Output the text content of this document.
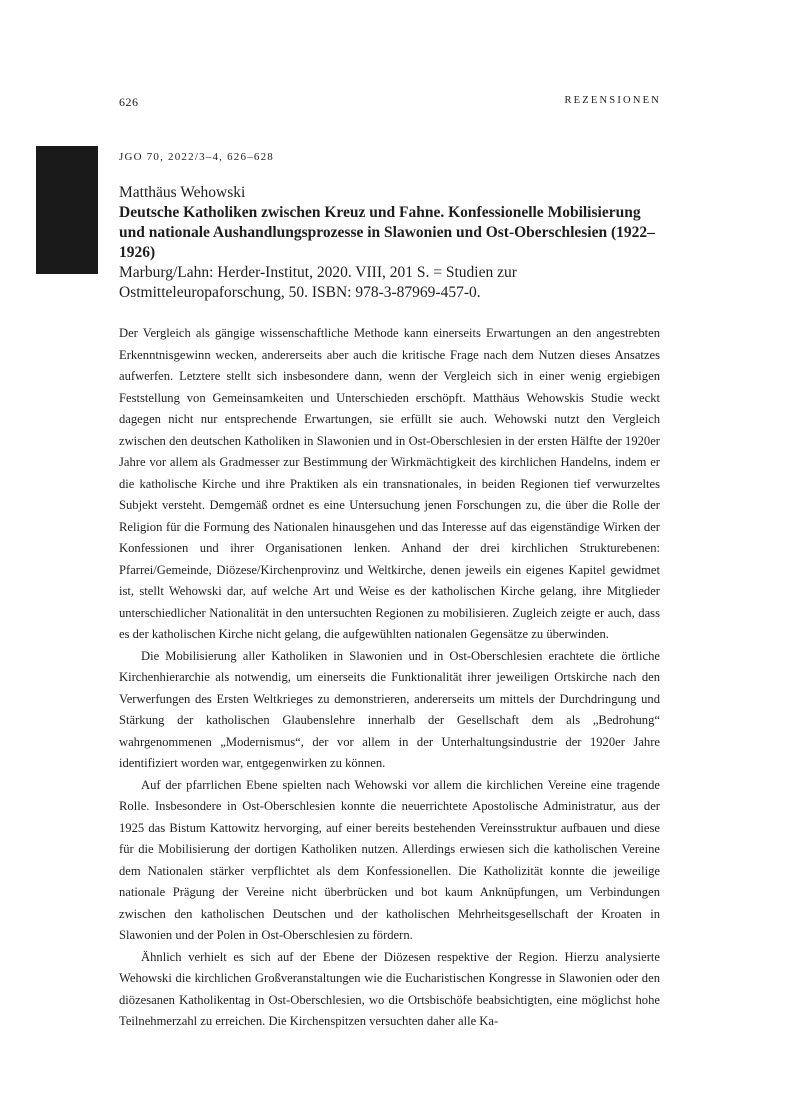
626	REZENSIONEN
JGO 70, 2022/3–4, 626–628
Matthäus Wehowski
Deutsche Katholiken zwischen Kreuz und Fahne. Konfessionelle Mobilisierung und nationale Aushandlungsprozesse in Slawonien und Ost-Oberschlesien (1922–1926)
Marburg/Lahn: Herder-Institut, 2020. VIII, 201 S. = Studien zur Ostmitteleuropaforschung, 50. ISBN: 978-3-87969-457-0.

Der Vergleich als gängige wissenschaftliche Methode kann einerseits Erwartungen an den angestrebten Erkenntnisgewinn wecken, andererseits aber auch die kritische Frage nach dem Nutzen dieses Ansatzes aufwerfen. Letztere stellt sich insbesondere dann, wenn der Vergleich sich in einer wenig ergiebigen Feststellung von Gemeinsamkeiten und Unterschieden erschöpft. Matthäus Wehowskis Studie weckt dagegen nicht nur entsprechende Erwartungen, sie erfüllt sie auch. Wehowski nutzt den Vergleich zwischen den deutschen Katholiken in Slawonien und in Ost-Oberschlesien in der ersten Hälfte der 1920er Jahre vor allem als Gradmesser zur Bestimmung der Wirkmächtigkeit des kirchlichen Handelns, indem er die katholische Kirche und ihre Praktiken als ein transnationales, in beiden Regionen tief verwurzeltes Subjekt versteht. Demgemäß ordnet es eine Untersuchung jenen Forschungen zu, die über die Rolle der Religion für die Formung des Nationalen hinausgehen und das Interesse auf das eigenständige Wirken der Konfessionen und ihrer Organisationen lenken. Anhand der drei kirchlichen Strukturebenen: Pfarrei/Gemeinde, Diözese/Kirchenprovinz und Weltkirche, denen jeweils ein eigenes Kapitel gewidmet ist, stellt Wehowski dar, auf welche Art und Weise es der katholischen Kirche gelang, ihre Mitglieder unterschiedlicher Nationalität in den untersuchten Regionen zu mobilisieren. Zugleich zeigte er auch, dass es der katholischen Kirche nicht gelang, die aufgewühlten nationalen Gegensätze zu überwinden.

Die Mobilisierung aller Katholiken in Slawonien und in Ost-Oberschlesien erachtete die örtliche Kirchenhierarchie als notwendig, um einerseits die Funktionalität ihrer jeweiligen Ortskirche nach den Verwerfungen des Ersten Weltkrieges zu demonstrieren, andererseits um mittels der Durchdringung und Stärkung der katholischen Glaubenslehre innerhalb der Gesellschaft dem als „Bedrohung“ wahrgenommenen „Modernismus“, der vor allem in der Unterhaltungsindustrie der 1920er Jahre identifiziert worden war, entgegenwirken zu können.

Auf der pfarrlichen Ebene spielten nach Wehowski vor allem die kirchlichen Vereine eine tragende Rolle. Insbesondere in Ost-Oberschlesien konnte die neuerrichtete Apostolische Administratur, aus der 1925 das Bistum Kattowitz hervorging, auf einer bereits bestehenden Vereinsstruktur aufbauen und diese für die Mobilisierung der dortigen Katholiken nutzen. Allerdings erwiesen sich die katholischen Vereine dem Nationalen stärker verpflichtet als dem Konfessionellen. Die Katholizität konnte die jeweilige nationale Prägung der Vereine nicht überbrücken und bot kaum Anknüpfungen, um Verbindungen zwischen den katholischen Deutschen und der katholischen Mehrheitsgesellschaft der Kroaten in Slawonien und der Polen in Ost-Oberschlesien zu fördern.

Ähnlich verhielt es sich auf der Ebene der Diözesen respektive der Region. Hierzu analysierte Wehowski die kirchlichen Großveranstaltungen wie die Eucharistischen Kongresse in Slawonien oder den diözesanen Katholikentag in Ost-Oberschlesien, wo die Ortsbischöfe beabsichtigten, eine möglichst hohe Teilnehmerzahl zu erreichen. Die Kirchenspitzen versuchten daher alle Ka-
